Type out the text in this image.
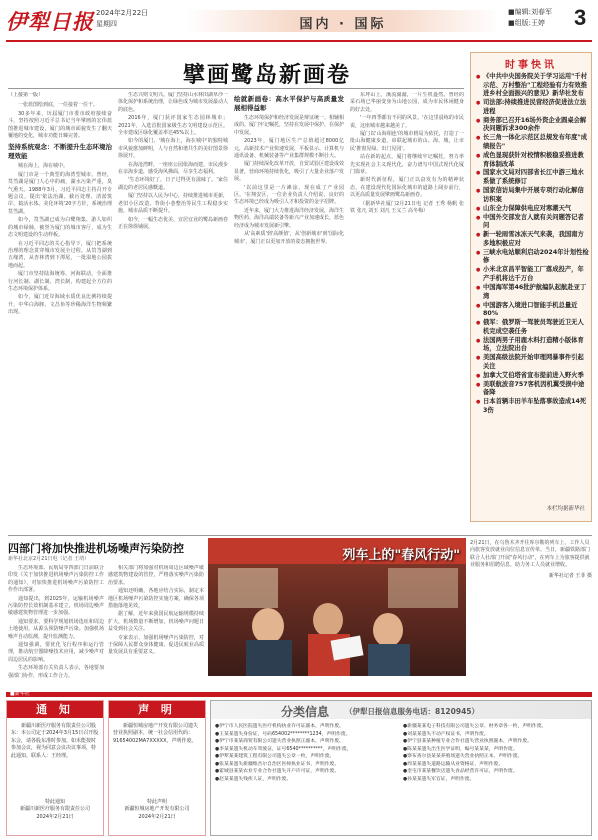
伊犁日报 2024年2月22日
星期四	国内 · 国际
■编辑:刘春军
■组版:王婷	3
擘画鹭岛新画卷
（上接第一版）

一张蓝图绘到底，一任接着一任干。

30多年来，历届厦门市委市政府接续奋斗，坚持按照习近平总书记当年擘画的宏伟蓝图推进城市建设，厦门的城市面貌发生了翻天覆地的变化，城市功能日臻完善。

坚持系统观念：不断提升生态环境治理效能

城在海上，海在城中。

厦门市是一个典型的海湾型城市。曾经，筼筜湖是厦门人心中的痛，湖水污染严重，臭气熏天。1988年3月，习近平同志主持召开专题会议，提出'依法治湖、截污处理、清淤筑岸、搞活水体、美化环境'20字方针，系统治理筼筜湖。

如今，筼筜湖已成为白鹭翔集、游人如织的城市绿肺，被誉为厦门的城市客厅，成为生态文明建设的生动样板。

在习近平同志的关心指导下，厦门把系统治理的理念贯穿城市发展全过程。从筼筜湖到五缘湾，从杏林湾到下潭尾，一批湿地公园拔地而起。

厦门市坚持陆海统筹、河海联动，全面推行河长制、湖长制、湾长制，构建起全方位的生态环境保护体系。

如今，厦门近岸海域水质优良比例持续提升，中华白海豚、文昌鱼等珍稀海洋生物频繁出现。

生态兴则文明兴。厦门坚持山水林田湖草沙一体化保护和系统治理，让绿色成为城市发展最动人的底色。

2016年，厦门获评国家生态园林城市；2021年，入选首批国家级生态文明建设示范区。全市建成区绿化覆盖率达45%以上。

如今的厦门，'城在海上，海在城中'的独特城市风貌愈加鲜明，人与自然和谐共生的美好图景徐徐展开。

在海沧湾畔，一座座公园依海而建。市民漫步在亲海步道，感受海风拂面，尽享生态福利。

'生态环境好了，日子过得更有滋味了。'家住湖边的老居民感慨道。

厦门坚持以人民为中心，持续推进城市更新，老旧小区改造、背街小巷整治等民生工程稳步实施，城市品质不断提升。

如今，一幅生态优美、宜居宜业的鹭岛新画卷正在徐徐铺展。

绘就新画卷：高水平保护与高质量发展相得益彰

生态环境保护和经济发展是辩证统一、相辅相成的。厦门牢记嘱托，坚持在发展中保护、在保护中发展。

2023年，厦门地区生产总值超过8000亿元，高新技术产业快速发展，平板显示、计算机与通讯设备、机械装备等产业集群规模不断壮大。

厦门持续深化改革开放，自贸试验区建设成效显著，营商环境持续优化，吸引了大量企业落户发展。

'以前这里是一片滩涂，现在成了产业园区。'在翔安区，一位企业负责人介绍说，良好的生态环境已经成为吸引人才和投资的金字招牌。

近年来，厦门大力推进海洋经济发展，海洋生物医药、海洋高端装备等新兴产业加速成长，蓝色经济成为城市发展新引擎。

从'高素质'到'高颜值'，从'创新城市'到'国际化城市'，厦门正以更加开放的姿态拥抱世界。

东坪山上，溪流潺潺，一片生机盎然。曾经的采石场已华丽变身为山地公园，成为市民休闲健身的好去处。

'一年四季都有不同的风景。'在这里晨练的市民说，这座城市越来越美了。

厦门以'山海相连'的城市格局为依托，打造了一批山海健康步道，串联起城市的山、海、城，让市民'推窗见绿、出门见园'。

站在新的起点，厦门将继续牢记嘱托，努力率先实现社会主义现代化，奋力谱写中国式现代化厦门篇章。

新时代新征程，厦门正以奋发有为的精神状态，在建设现代化国际化城市的道路上阔步前行，以更高质量发展擘画鹭岛新画卷。

（据新华社厦门2月21日电 记者 王秀 杨帆 张铁 张凡 刘玉 刘凡 王义兰 高冬梅）

时事快讯
● 《中共中央国务院关于学习运用"千村示范、万村整治"工程经验有力有效推进乡村全面振兴的意见》新华社发布
● 司法部:持续推进民营经济促进法立法进程
● 商务部已召开16场外资企业圆桌会解决问题诉求300余件
● 长三角一体化示范区总规发布年度"成绩报告"
● 成色显现获针对校情积极稳妥推进教育体制改革
● 国家水文局对四部省长江中游三地水系做了系统修订
● 国家信访局集中开展专项行动化解信访积案
● 山东全力保障供电应对寒潮天气
● 中国外交部发言人就有关问题答记者问
● 新一轮雨雪冰冻天气来袭，我国南方多地积极应对
● 三峡水电站顺利启动2024年计划性检修
● 小米北京昌平智能工厂落成投产，年产手机将达千万台
● 中国海军第46批护航编队起航赴亚丁湾
● 中国游客入境进口智能手机总量近80%
● 俄军：俄罗斯一驾驶员驾驶近卫无人机完成空袭任务
● 法国两男子用鹿木料打造精小版体育场，立法院出台
● 美国高级法院开始审理网暴事件引起关注
● 加拿大艾伯塔省宣布提前进入野火季
● 美联航波音757客机因机翼受损中途备降
● 日本首辆丰田羊车坠落事故造成14死3伤
本栏均据新华社
四部门将加快推进机场噪声污染防控
新华社北京2月21日电（记者 王靖）

生态环境部、民航局等四部门日前联合印发《关于加快推进机场噪声污染防控工作的通知》，对加快推进机场噪声污染防控工作作出部署。

通知提出，到2025年，运输机场噪声污染防控长效机制基本建立，机场周边噪声敏感建筑物管理进一步加强。

通知要求，要科学规划机场选址和周边土地使用，从源头预防噪声污染。加强机场噪声自动监测，提升监测能力。

通知强调，要优化飞行程序和运行管理，推动航空器降噪技术应用，减少噪声对周边居民的影响。

生态环境部有关负责人表示，各地要加强部门协作，形成工作合力。

相关部门将加强对机场周边区域噪声敏感建筑物建设的管控，严格落实噪声污染防治要求。

通知还明确，各地应结合实际，制定本地区机场噪声污染防控实施方案，确保各项措施落地见效。

据了解，近年来我国民航运输规模持续扩大，机场数量不断增加，机场噪声问题日益受到社会关注。

专家表示，加强机场噪声污染防控，对于保障人民群众身体健康、促进民航业高质量发展具有重要意义。

列车上的"春风行动"
2月21日，在乌鲁木齐开往库尔勒的列车上，工作人员向旅客发放就业岗位信息宣传单。当日，新疆铁路部门联合人社部门开展"春风行动"，在列车上为旅客提供就业服务和招聘信息，助力务工人员就业增收。
新华社记者 王菲 摄
■新华社
通 知

新疆川新医疗服务有限责任公司股东：本公司定于2024年3月15日召开股东会，请各股东准时参加。如未能按时参加会议，视为同意会议决议事项，特此通知。联系人：王经理。

特此通知
新疆川新医疗服务有限责任公司
2024年2月21日
声 明

新疆恒城房地产开发有限公司遗失营业执照副本，统一社会信用代码：91654002MA7XXXXX，声明作废。

特此声明
新疆恒城房地产开发有限公司
2024年2月21日
分类信息 （伊犁日报信息服务电话：8120945）

●伊宁市人民医院遗失医疗机构执业许可证副本，声明作废。

●王某某遗失身份证，号码654002********1234，声明作废。

●伊宁市某某商贸有限公司遗失营业执照正副本，声明作废。

●李某某遗失机动车驾驶证，证号6540**********，声明作废。

●伊犁某某建筑工程有限公司遗失公章一枚，声明作废。

●张某某遗失新疆维吾尔自治区医师执业证书，声明作废。

●霍城县某某农业专业合作社遗失开户许可证，声明作废。

●赵某某遗失残疾人证，声明作废。

●新疆某某电子科技有限公司遗失公章、财务章各一枚，声明作废。

●刘某某遗失不动产权证书，声明作废。

●伊宁县某某种植专业合作社遗失营业执照副本，声明作废。

●陈某某遗失出生医学证明，编号某某某，声明作废。

●察布查尔县某某养殖场遗失营业执照正本，声明作废。

●周某某遗失道路运输从业资格证，声明作废。

●奎屯市某某餐饮店遗失食品经营许可证，声明作废。

●孙某某遗失军官证，声明作废。
